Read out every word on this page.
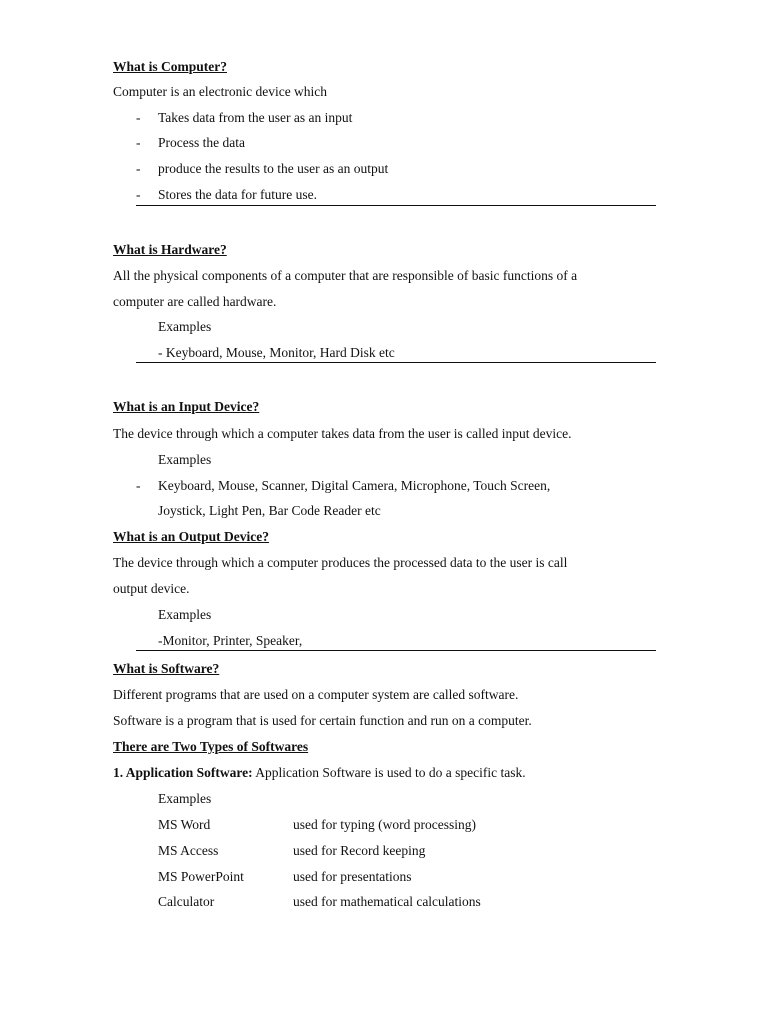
What is Computer?
Computer is an electronic device which
- Takes data from the user as an input
- Process the data
- produce the results to the user as an output
- Stores the data for future use.
What is Hardware?
All the physical components of a computer that are responsible of basic functions of a
computer are called hardware.
Examples
- Keyboard, Mouse, Monitor, Hard Disk etc
What is an Input Device?
The device through which a computer takes data from the user is called input device.
Examples
- Keyboard, Mouse, Scanner, Digital Camera, Microphone, Touch Screen,
Joystick, Light Pen, Bar Code Reader etc
What is an Output Device?
The device through which a computer produces the processed data to the user is call
output device.
Examples
-Monitor, Printer, Speaker,
What is Software?
Different programs that are used on a computer system are called software.
Software is a program that is used for certain function and run on a computer.
There are Two Types of Softwares
1. Application Software: Application Software is used to do a specific task.
Examples
MS Word	used for typing (word processing)
MS Access	used for Record keeping
MS PowerPoint	used for presentations
Calculator	used for mathematical calculations
